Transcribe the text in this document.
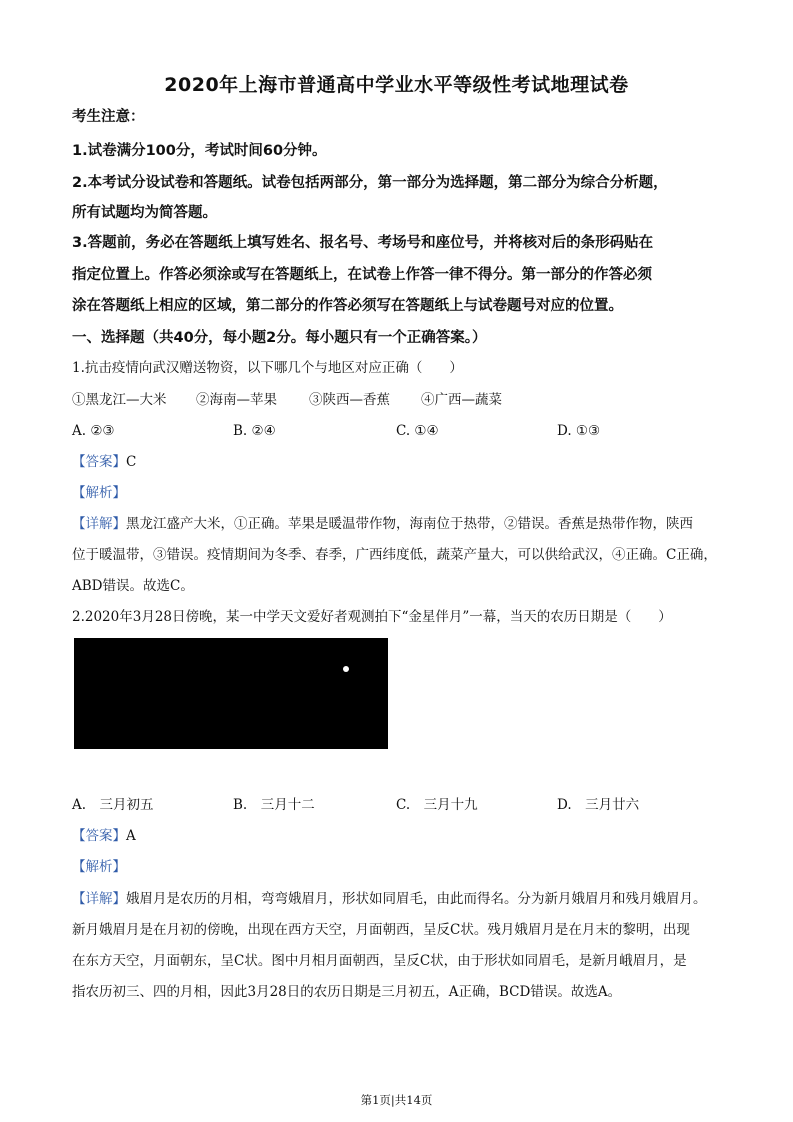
2020年上海市普通高中学业水平等级性考试地理试卷
考生注意：
1.试卷满分100分，考试时间60分钟。
2.本考试分设试卷和答题纸。试卷包括两部分，第一部分为选择题，第二部分为综合分析题，
所有试题均为简答题。
3.答题前，务必在答题纸上填写姓名、报名号、考场号和座位号，并将核对后的条形码贴在
指定位置上。作答必须涂或写在答题纸上，在试卷上作答一律不得分。第一部分的作答必须
涂在答题纸上相应的区域，第二部分的作答必须写在答题纸上与试卷题号对应的位置。
一、选择题（共40分，每小题2分。每小题只有一个正确答案。）
1.抗击疫情向武汉赠送物资，以下哪几个与地区对应正确（　　）
①黑龙江—大米 ②海南—苹果 ③陕西—香蕉 ④广西—蔬菜
A. ②③	B. ②④	C. ①④	D. ①③
【答案】C
【解析】
【详解】黑龙江盛产大米，①正确。苹果是暖温带作物，海南位于热带，②错误。香蕉是热带作物，陕西
位于暖温带，③错误。疫情期间为冬季、春季，广西纬度低，蔬菜产量大，可以供给武汉，④正确。C正确，
ABD错误。故选C。
2.2020年3月28日傍晚，某一中学天文爱好者观测拍下“金星伴月”一幕，当天的农历日期是（　　）
A.　三月初五	B.　三月十二	C.　三月十九	D.　三月廿六
【答案】A
【解析】
【详解】娥眉月是农历的月相，弯弯娥眉月，形状如同眉毛，由此而得名。分为新月娥眉月和残月娥眉月。
新月娥眉月是在月初的傍晚，出现在西方天空，月面朝西，呈反C状。残月娥眉月是在月末的黎明，出现
在东方天空，月面朝东，呈C状。图中月相月面朝西，呈反C状，由于形状如同眉毛，是新月峨眉月，是
指农历初三、四的月相，因此3月28日的农历日期是三月初五，A正确，BCD错误。故选A。
第1页|共14页
